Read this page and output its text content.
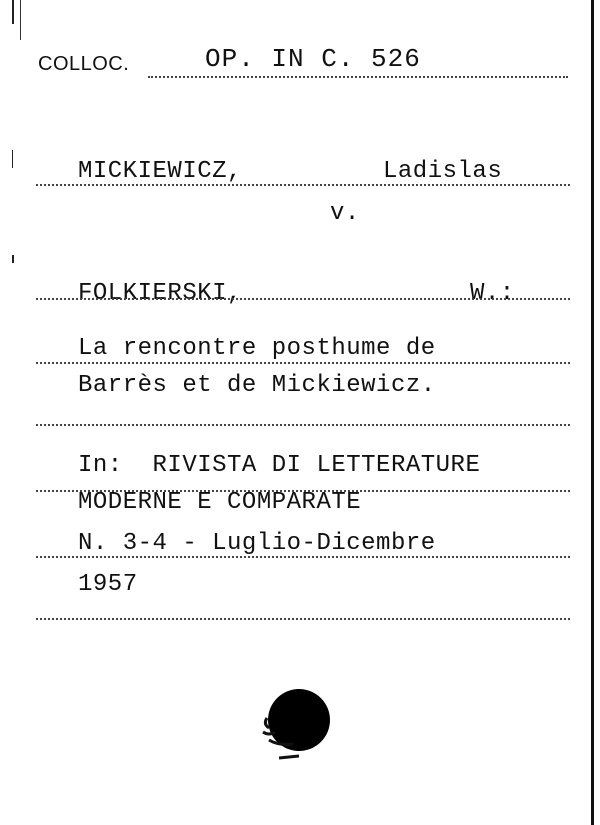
COLLOC.	OP. IN C. 526
MICKIEWICZ,	Ladislas
v.
FOLKIERSKI,	W.:
La rencontre posthume de
Barrès et de Mickiewicz.
In:  RIVISTA DI LETTERATURE
MODERNE E COMPARATE
N. 3-4 - Luglio-Dicembre
1957
